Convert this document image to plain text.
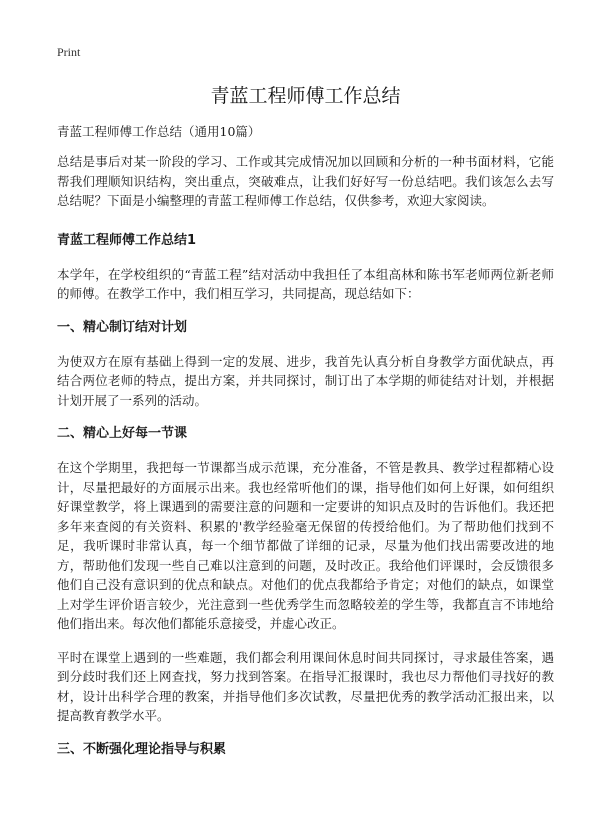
Print
青蓝工程师傅工作总结
青蓝工程师傅工作总结（通用10篇）

总结是事后对某一阶段的学习、工作或其完成情况加以回顾和分析的一种书面材料，它能帮我们理顺知识结构，突出重点，突破难点，让我们好好写一份总结吧。我们该怎么去写总结呢？下面是小编整理的青蓝工程师傅工作总结，仅供参考，欢迎大家阅读。

青蓝工程师傅工作总结1

本学年，在学校组织的“青蓝工程”结对活动中我担任了本组高林和陈书军老师两位新老师的师傅。在教学工作中，我们相互学习，共同提高，现总结如下：

一、精心制订结对计划

为使双方在原有基础上得到一定的发展、进步，我首先认真分析自身教学方面优缺点，再结合两位老师的特点，提出方案，并共同探讨，制订出了本学期的师徒结对计划，并根据计划开展了一系列的活动。

二、精心上好每一节课

在这个学期里，我把每一节课都当成示范课，充分准备，不管是教具、教学过程都精心设计，尽量把最好的方面展示出来。我也经常听他们的课，指导他们如何上好课，如何组织好课堂教学，将上课遇到的需要注意的问题和一定要讲的知识点及时的告诉他们。我还把多年来查阅的有关资料、积累的'教学经验毫无保留的传授给他们。为了帮助他们找到不足，我听课时非常认真，每一个细节都做了详细的记录，尽量为他们找出需要改进的地方，帮助他们发现一些自己难以注意到的问题，及时改正。我给他们评课时，会反馈很多他们自己没有意识到的优点和缺点。对他们的优点我都给予肯定；对他们的缺点，如课堂上对学生评价语言较少，光注意到一些优秀学生而忽略较差的学生等，我都直言不讳地给他们指出来。每次他们都能乐意接受，并虚心改正。

平时在课堂上遇到的一些难题，我们都会利用课间休息时间共同探讨，寻求最佳答案，遇到分歧时我们还上网查找，努力找到答案。在指导汇报课时，我也尽力帮他们寻找好的教材，设计出科学合理的教案，并指导他们多次试教，尽量把优秀的教学活动汇报出来，以提高教育教学水平。

三、不断强化理论指导与积累
